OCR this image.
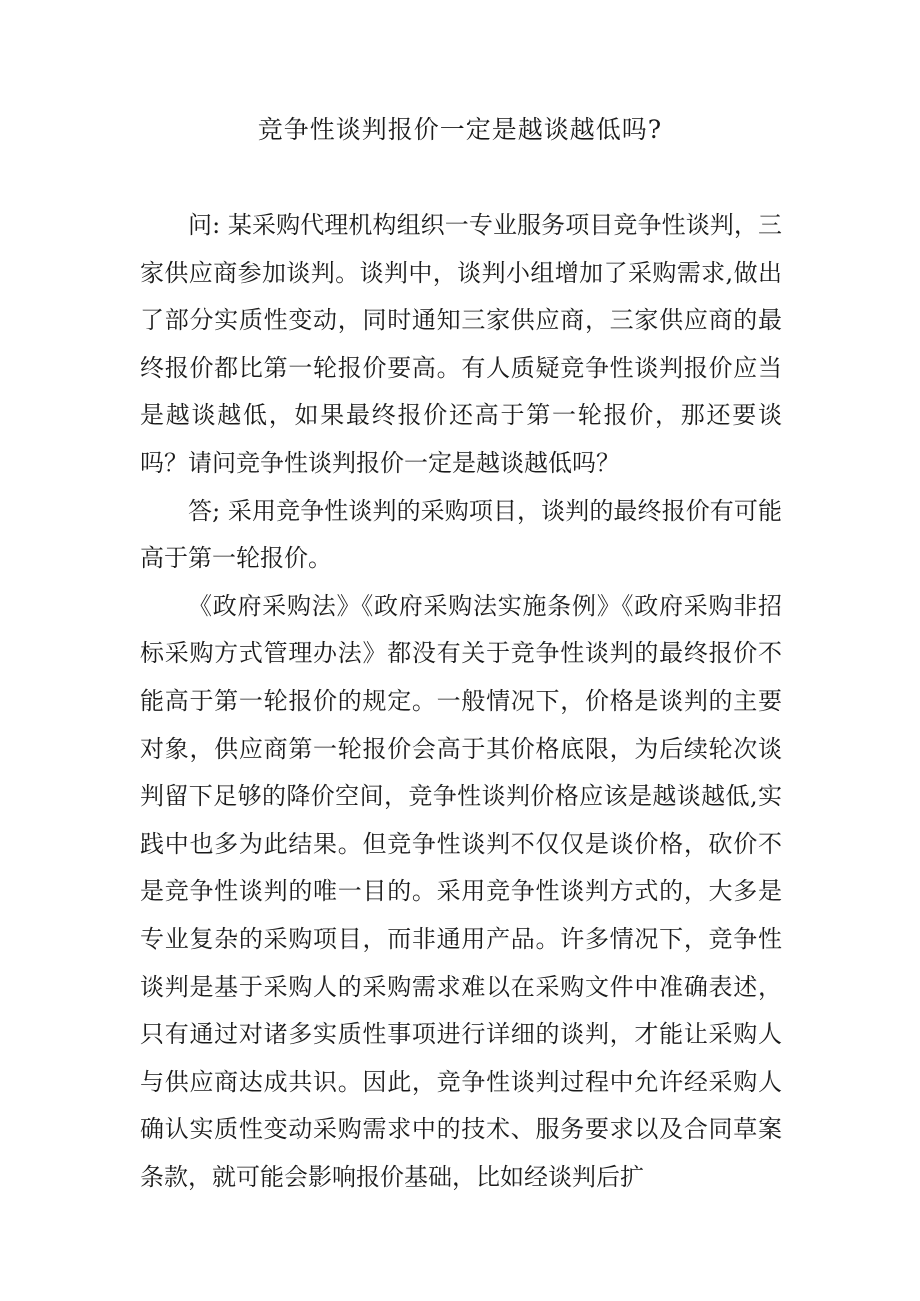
竞争性谈判报价一定是越谈越低吗?

问: 某采购代理机构组织一专业服务项目竞争性谈判，三家供应商参加谈判。谈判中，谈判小组增加了采购需求,做出了部分实质性变动，同时通知三家供应商，三家供应商的最终报价都比第一轮报价要高。有人质疑竞争性谈判报价应当是越谈越低，如果最终报价还高于第一轮报价，那还要谈吗？请问竞争性谈判报价一定是越谈越低吗？

答; 采用竞争性谈判的采购项目，谈判的最终报价有可能高于第一轮报价。

《政府采购法》《政府采购法实施条例》《政府采购非招标采购方式管理办法》都没有关于竞争性谈判的最终报价不能高于第一轮报价的规定。一般情况下，价格是谈判的主要对象，供应商第一轮报价会高于其价格底限，为后续轮次谈判留下足够的降价空间，竞争性谈判价格应该是越谈越低,实践中也多为此结果。但竞争性谈判不仅仅是谈价格，砍价不是竞争性谈判的唯一目的。采用竞争性谈判方式的，大多是专业复杂的采购项目，而非通用产品。许多情况下，竞争性谈判是基于采购人的采购需求难以在采购文件中准确表述，只有通过对诸多实质性事项进行详细的谈判，才能让采购人与供应商达成共识。因此，竞争性谈判过程中允许经采购人确认实质性变动采购需求中的技术、服务要求以及合同草案条款，就可能会影响报价基础，比如经谈判后扩
